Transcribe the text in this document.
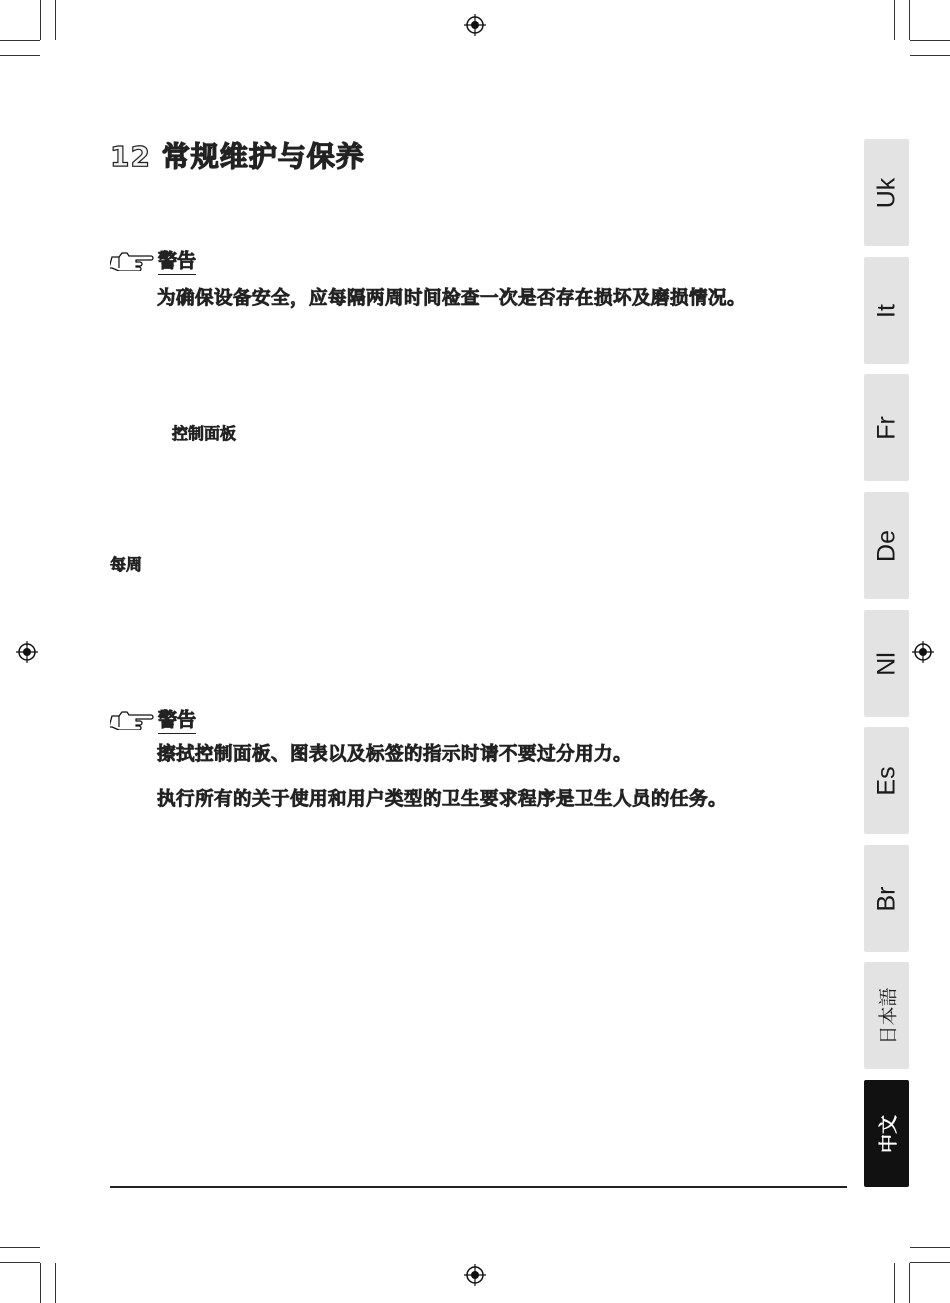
12 常规维护与保养
警告
为确保设备安全，应每隔两周时间检查一次是否存在损坏及磨损情况。
控制面板
每周
警告
擦拭控制面板、图表以及标签的指示时请不要过分用力。
执行所有的关于使用和用户类型的卫生要求程序是卫生人员的任务。
Uk
It
Fr
De
Nl
Es
Br
日本語
中文
